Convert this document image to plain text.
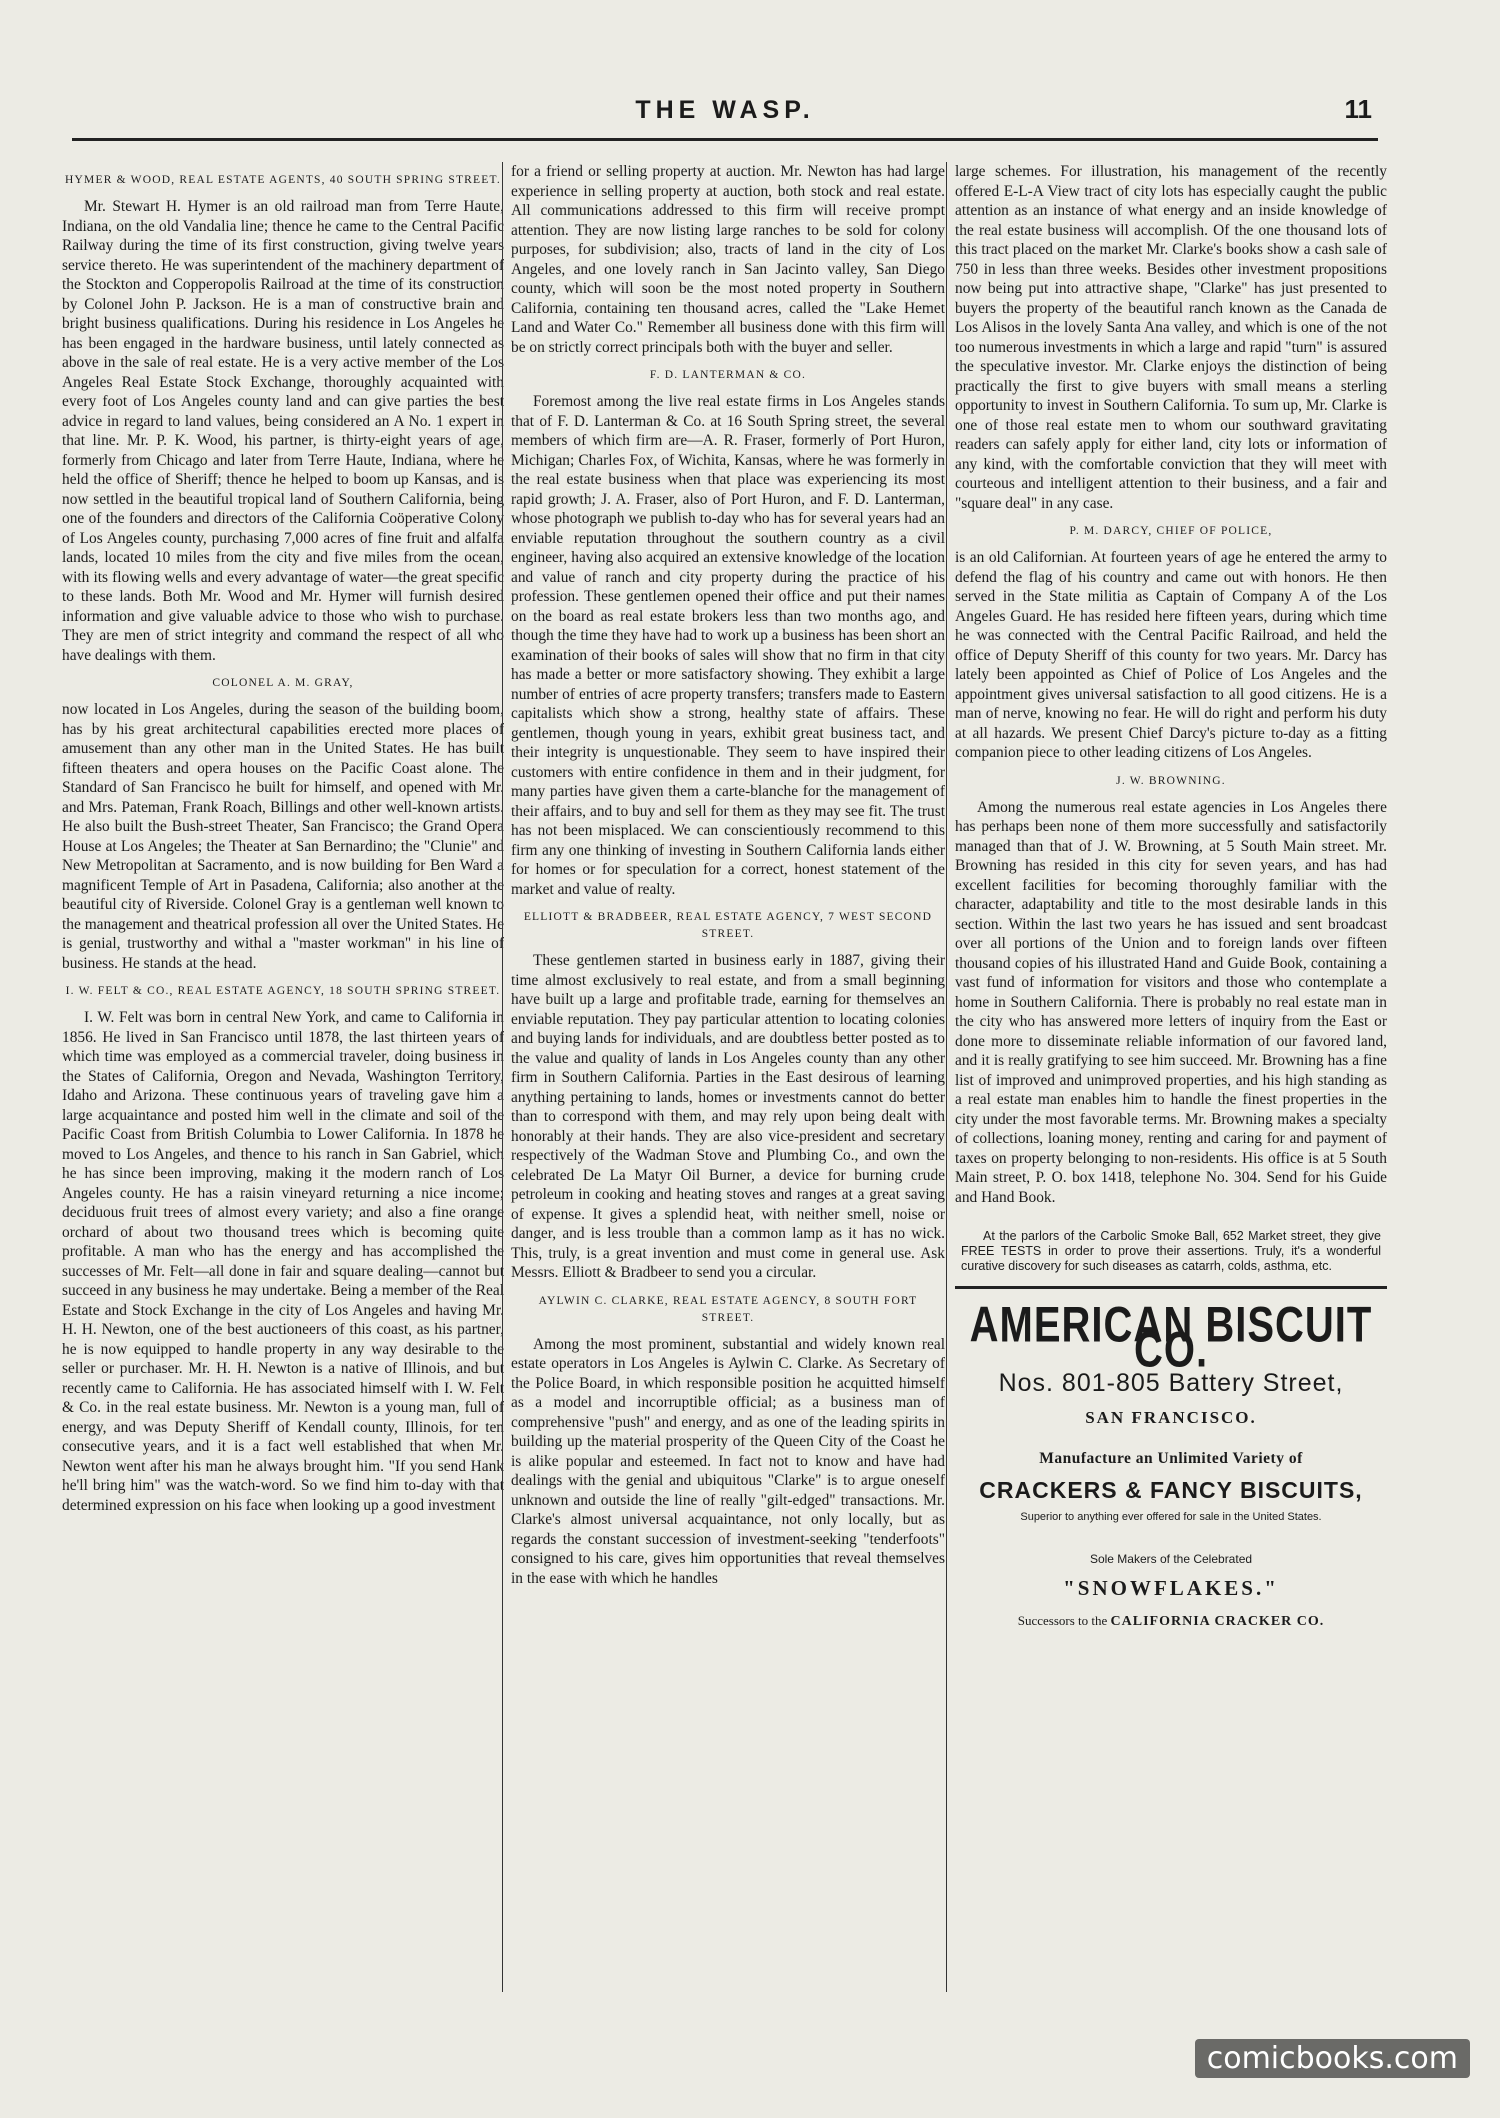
THE WASP.	11
HYMER & WOOD, REAL ESTATE AGENTS, 40 SOUTH SPRING STREET.

Mr. Stewart H. Hymer is an old railroad man from Terre Haute, Indiana, on the old Vandalia line; thence he came to the Central Pacific Railway during the time of its first construction, giving twelve years service thereto. He was superintendent of the machinery department of the Stockton and Copperopolis Railroad at the time of its construction by Colonel John P. Jackson. He is a man of constructive brain and bright business qualifications. During his residence in Los Angeles he has been engaged in the hardware business, until lately connected as above in the sale of real estate. He is a very active member of the Los Angeles Real Estate Stock Exchange, thoroughly acquainted with every foot of Los Angeles county land and can give parties the best advice in regard to land values, being considered an A No. 1 expert in that line. Mr. P. K. Wood, his partner, is thirty-eight years of age, formerly from Chicago and later from Terre Haute, Indiana, where he held the office of Sheriff; thence he helped to boom up Kansas, and is now settled in the beautiful tropical land of Southern California, being one of the founders and directors of the California Coöperative Colony of Los Angeles county, purchasing 7,000 acres of fine fruit and alfalfa lands, located 10 miles from the city and five miles from the ocean, with its flowing wells and every advantage of water—the great specific to these lands. Both Mr. Wood and Mr. Hymer will furnish desired information and give valuable advice to those who wish to purchase. They are men of strict integrity and command the respect of all who have dealings with them.

COLONEL A. M. GRAY,

now located in Los Angeles, during the season of the building boom, has by his great architectural capabilities erected more places of amusement than any other man in the United States. He has built fifteen theaters and opera houses on the Pacific Coast alone. The Standard of San Francisco he built for himself, and opened with Mr. and Mrs. Pateman, Frank Roach, Billings and other well-known artists. He also built the Bush-street Theater, San Francisco; the Grand Opera House at Los Angeles; the Theater at San Bernardino; the "Clunie" and New Metropolitan at Sacramento, and is now building for Ben Ward a magnificent Temple of Art in Pasadena, California; also another at the beautiful city of Riverside. Colonel Gray is a gentleman well known to the management and theatrical profession all over the United States. He is genial, trustworthy and withal a "master workman" in his line of business. He stands at the head.

I. W. FELT & CO., REAL ESTATE AGENCY, 18 SOUTH SPRING STREET.

I. W. Felt was born in central New York, and came to California in 1856. He lived in San Francisco until 1878, the last thirteen years of which time was employed as a commercial traveler, doing business in the States of California, Oregon and Nevada, Washington Territory, Idaho and Arizona. These continuous years of traveling gave him a large acquaintance and posted him well in the climate and soil of the Pacific Coast from British Columbia to Lower California. In 1878 he moved to Los Angeles, and thence to his ranch in San Gabriel, which he has since been improving, making it the modern ranch of Los Angeles county. He has a raisin vineyard returning a nice income; deciduous fruit trees of almost every variety; and also a fine orange orchard of about two thousand trees which is becoming quite profitable. A man who has the energy and has accomplished the successes of Mr. Felt—all done in fair and square dealing—cannot but succeed in any business he may undertake. Being a member of the Real Estate and Stock Exchange in the city of Los Angeles and having Mr. H. H. Newton, one of the best auctioneers of this coast, as his partner, he is now equipped to handle property in any way desirable to the seller or purchaser. Mr. H. H. Newton is a native of Illinois, and but recently came to California. He has associated himself with I. W. Felt & Co. in the real estate business. Mr. Newton is a young man, full of energy, and was Deputy Sheriff of Kendall county, Illinois, for ten consecutive years, and it is a fact well established that when Mr. Newton went after his man he always brought him. "If you send Hank he'll bring him" was the watch-word. So we find him to-day with that determined expression on his face when looking up a good investment

for a friend or selling property at auction. Mr. Newton has had large experience in selling property at auction, both stock and real estate. All communications addressed to this firm will receive prompt attention. They are now listing large ranches to be sold for colony purposes, for subdivision; also, tracts of land in the city of Los Angeles, and one lovely ranch in San Jacinto valley, San Diego county, which will soon be the most noted property in Southern California, containing ten thousand acres, called the "Lake Hemet Land and Water Co." Remember all business done with this firm will be on strictly correct principals both with the buyer and seller.

F. D. LANTERMAN & CO.

Foremost among the live real estate firms in Los Angeles stands that of F. D. Lanterman & Co. at 16 South Spring street, the several members of which firm are—A. R. Fraser, formerly of Port Huron, Michigan; Charles Fox, of Wichita, Kansas, where he was formerly in the real estate business when that place was experiencing its most rapid growth; J. A. Fraser, also of Port Huron, and F. D. Lanterman, whose photograph we publish to-day who has for several years had an enviable reputation throughout the southern country as a civil engineer, having also acquired an extensive knowledge of the location and value of ranch and city property during the practice of his profession. These gentlemen opened their office and put their names on the board as real estate brokers less than two months ago, and though the time they have had to work up a business has been short an examination of their books of sales will show that no firm in that city has made a better or more satisfactory showing. They exhibit a large number of entries of acre property transfers; transfers made to Eastern capitalists which show a strong, healthy state of affairs. These gentlemen, though young in years, exhibit great business tact, and their integrity is unquestionable. They seem to have inspired their customers with entire confidence in them and in their judgment, for many parties have given them a carte-blanche for the management of their affairs, and to buy and sell for them as they may see fit. The trust has not been misplaced. We can conscientiously recommend to this firm any one thinking of investing in Southern California lands either for homes or for speculation for a correct, honest statement of the market and value of realty.

ELLIOTT & BRADBEER, REAL ESTATE AGENCY, 7 WEST SECOND STREET.

These gentlemen started in business early in 1887, giving their time almost exclusively to real estate, and from a small beginning have built up a large and profitable trade, earning for themselves an enviable reputation. They pay particular attention to locating colonies and buying lands for individuals, and are doubtless better posted as to the value and quality of lands in Los Angeles county than any other firm in Southern California. Parties in the East desirous of learning anything pertaining to lands, homes or investments cannot do better than to correspond with them, and may rely upon being dealt with honorably at their hands. They are also vice-president and secretary respectively of the Wadman Stove and Plumbing Co., and own the celebrated De La Matyr Oil Burner, a device for burning crude petroleum in cooking and heating stoves and ranges at a great saving of expense. It gives a splendid heat, with neither smell, noise or danger, and is less trouble than a common lamp as it has no wick. This, truly, is a great invention and must come in general use. Ask Messrs. Elliott & Bradbeer to send you a circular.

AYLWIN C. CLARKE, REAL ESTATE AGENCY, 8 SOUTH FORT STREET.

Among the most prominent, substantial and widely known real estate operators in Los Angeles is Aylwin C. Clarke. As Secretary of the Police Board, in which responsible position he acquitted himself as a model and incorruptible official; as a business man of comprehensive "push" and energy, and as one of the leading spirits in building up the material prosperity of the Queen City of the Coast he is alike popular and esteemed. In fact not to know and have had dealings with the genial and ubiquitous "Clarke" is to argue oneself unknown and outside the line of really "gilt-edged" transactions. Mr. Clarke's almost universal acquaintance, not only locally, but as regards the constant succession of investment-seeking "tenderfoots" consigned to his care, gives him opportunities that reveal themselves in the ease with which he handles

large schemes. For illustration, his management of the recently offered E-L-A View tract of city lots has especially caught the public attention as an instance of what energy and an inside knowledge of the real estate business will accomplish. Of the one thousand lots of this tract placed on the market Mr. Clarke's books show a cash sale of 750 in less than three weeks. Besides other investment propositions now being put into attractive shape, "Clarke" has just presented to buyers the property of the beautiful ranch known as the Canada de Los Alisos in the lovely Santa Ana valley, and which is one of the not too numerous investments in which a large and rapid "turn" is assured the speculative investor. Mr. Clarke enjoys the distinction of being practically the first to give buyers with small means a sterling opportunity to invest in Southern California. To sum up, Mr. Clarke is one of those real estate men to whom our southward gravitating readers can safely apply for either land, city lots or information of any kind, with the comfortable conviction that they will meet with courteous and intelligent attention to their business, and a fair and "square deal" in any case.

P. M. DARCY, CHIEF OF POLICE,

is an old Californian. At fourteen years of age he entered the army to defend the flag of his country and came out with honors. He then served in the State militia as Captain of Company A of the Los Angeles Guard. He has resided here fifteen years, during which time he was connected with the Central Pacific Railroad, and held the office of Deputy Sheriff of this county for two years. Mr. Darcy has lately been appointed as Chief of Police of Los Angeles and the appointment gives universal satisfaction to all good citizens. He is a man of nerve, knowing no fear. He will do right and perform his duty at all hazards. We present Chief Darcy's picture to-day as a fitting companion piece to other leading citizens of Los Angeles.

J. W. BROWNING.

Among the numerous real estate agencies in Los Angeles there has perhaps been none of them more successfully and satisfactorily managed than that of J. W. Browning, at 5 South Main street. Mr. Browning has resided in this city for seven years, and has had excellent facilities for becoming thoroughly familiar with the character, adaptability and title to the most desirable lands in this section. Within the last two years he has issued and sent broadcast over all portions of the Union and to foreign lands over fifteen thousand copies of his illustrated Hand and Guide Book, containing a vast fund of information for visitors and those who contemplate a home in Southern California. There is probably no real estate man in the city who has answered more letters of inquiry from the East or done more to disseminate reliable information of our favored land, and it is really gratifying to see him succeed. Mr. Browning has a fine list of improved and unimproved properties, and his high standing as a real estate man enables him to handle the finest properties in the city under the most favorable terms. Mr. Browning makes a specialty of collections, loaning money, renting and caring for and payment of taxes on property belonging to non-residents. His office is at 5 South Main street, P. O. box 1418, telephone No. 304. Send for his Guide and Hand Book.

At the parlors of the Carbolic Smoke Ball, 652 Market street, they give FREE TESTS in order to prove their assertions. Truly, it's a wonderful curative discovery for such diseases as catarrh, colds, asthma, etc.
AMERICAN BISCUIT CO.
Nos. 801-805 Battery Street,
SAN FRANCISCO.
Manufacture an Unlimited Variety of
CRACKERS & FANCY BISCUITS,
Superior to anything ever offered for sale in the United States.
Sole Makers of the Celebrated
"SNOWFLAKES."
Successors to the CALIFORNIA CRACKER CO.
comicbooks.com
